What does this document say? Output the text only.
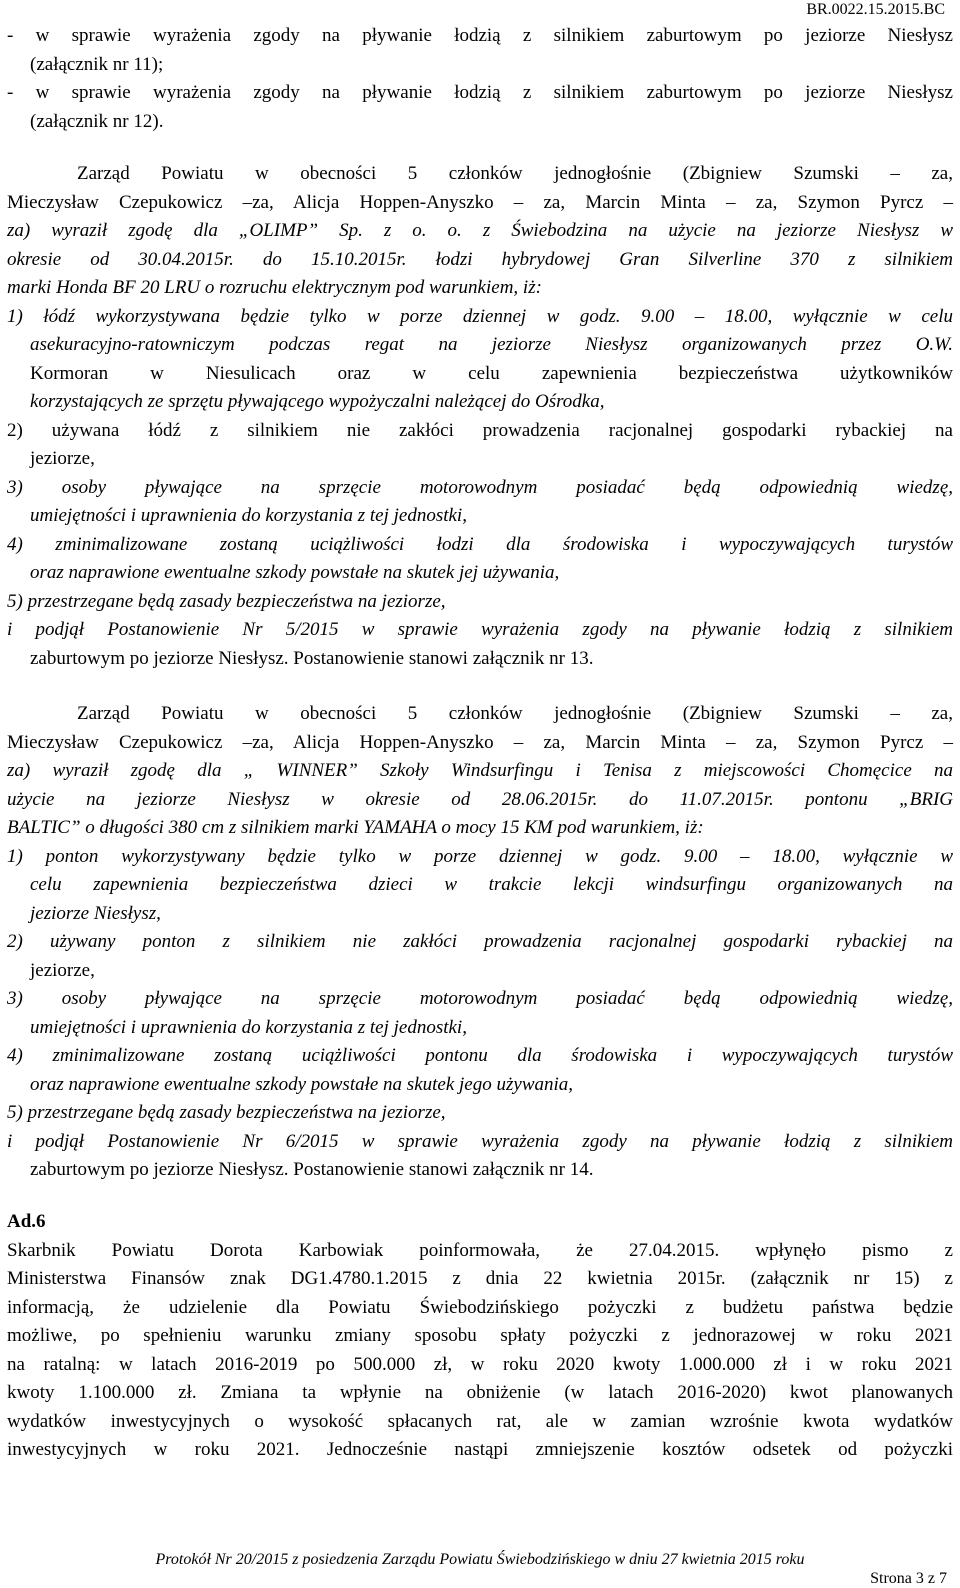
BR.0022.15.2015.BC
- w sprawie wyrażenia zgody na pływanie łodzią z silnikiem zaburtowym po jeziorze Niesłysz
(załącznik nr 11);
- w sprawie wyrażenia zgody na pływanie łodzią z silnikiem zaburtowym po jeziorze Niesłysz
(załącznik nr 12).
Zarząd Powiatu w obecności 5 członków jednogłośnie (Zbigniew Szumski – za,
Mieczysław Czepukowicz –za, Alicja Hoppen-Anyszko – za, Marcin Minta – za, Szymon Pyrcz –
za) wyraził zgodę dla „OLIMP” Sp. z o. o. z Świebodzina na użycie na jeziorze Niesłysz w
okresie od 30.04.2015r. do 15.10.2015r. łodzi hybrydowej Gran Silverline 370 z silnikiem
marki Honda BF 20 LRU o rozruchu elektrycznym pod warunkiem, iż:
1) łódź wykorzystywana będzie tylko w porze dziennej w godz. 9.00 – 18.00, wyłącznie w celu
asekuracyjno-ratowniczym podczas regat na jeziorze Niesłysz organizowanych przez O.W.
Kormoran w Niesulicach oraz w celu zapewnienia bezpieczeństwa użytkowników
korzystających ze sprzętu pływającego wypożyczalni należącej do Ośrodka,
2) używana łódź z silnikiem nie zakłóci prowadzenia racjonalnej gospodarki rybackiej na
jeziorze,
3) osoby pływające na sprzęcie motorowodnym posiadać będą odpowiednią wiedzę,
umiejętności i uprawnienia do korzystania z tej jednostki,
4) zminimalizowane zostaną uciążliwości łodzi dla środowiska i wypoczywających turystów
oraz naprawione ewentualne szkody powstałe na skutek jej używania,
5) przestrzegane będą zasady bezpieczeństwa na jeziorze,
i podjął Postanowienie Nr 5/2015 w sprawie wyrażenia zgody na pływanie łodzią z silnikiem
zaburtowym po jeziorze Niesłysz. Postanowienie stanowi załącznik nr 13.
Zarząd Powiatu w obecności 5 członków jednogłośnie (Zbigniew Szumski – za,
Mieczysław Czepukowicz –za, Alicja Hoppen-Anyszko – za, Marcin Minta – za, Szymon Pyrcz –
za) wyraził zgodę dla „ WINNER” Szkoły Windsurfingu i Tenisa z miejscowości Chomęcice na
użycie na jeziorze Niesłysz w okresie od 28.06.2015r. do 11.07.2015r. pontonu „BRIG
BALTIC” o długości 380 cm z silnikiem marki YAMAHA o mocy 15 KM pod warunkiem, iż:
1) ponton wykorzystywany będzie tylko w porze dziennej w godz. 9.00 – 18.00, wyłącznie w
celu zapewnienia bezpieczeństwa dzieci w trakcie lekcji windsurfingu organizowanych na
jeziorze Niesłysz,
2) używany ponton z silnikiem nie zakłóci prowadzenia racjonalnej gospodarki rybackiej na
jeziorze,
3) osoby pływające na sprzęcie motorowodnym posiadać będą odpowiednią wiedzę,
umiejętności i uprawnienia do korzystania z tej jednostki,
4) zminimalizowane zostaną uciążliwości pontonu dla środowiska i wypoczywających turystów
oraz naprawione ewentualne szkody powstałe na skutek jego używania,
5) przestrzegane będą zasady bezpieczeństwa na jeziorze,
i podjął Postanowienie Nr 6/2015 w sprawie wyrażenia zgody na pływanie łodzią z silnikiem
zaburtowym po jeziorze Niesłysz. Postanowienie stanowi załącznik nr 14.
Ad.6
Skarbnik Powiatu Dorota Karbowiak poinformowała, że 27.04.2015. wpłynęło pismo z
Ministerstwa Finansów znak DG1.4780.1.2015 z dnia 22 kwietnia 2015r. (załącznik nr 15) z
informacją, że udzielenie dla Powiatu Świebodzińskiego pożyczki z budżetu państwa będzie
możliwe, po spełnieniu warunku zmiany sposobu spłaty pożyczki z jednorazowej w roku 2021
na ratalną: w latach 2016-2019 po 500.000 zł, w roku 2020 kwoty 1.000.000 zł i w roku 2021
kwoty 1.100.000 zł. Zmiana ta wpłynie na obniżenie (w latach 2016-2020) kwot planowanych
wydatków inwestycyjnych o wysokość spłacanych rat, ale w zamian wzrośnie kwota wydatków
inwestycyjnych w roku 2021. Jednocześnie nastąpi zmniejszenie kosztów odsetek od pożyczki
Protokół Nr 20/2015 z posiedzenia Zarządu Powiatu Świebodzińskiego w dniu 27 kwietnia 2015 roku
Strona 3 z 7
